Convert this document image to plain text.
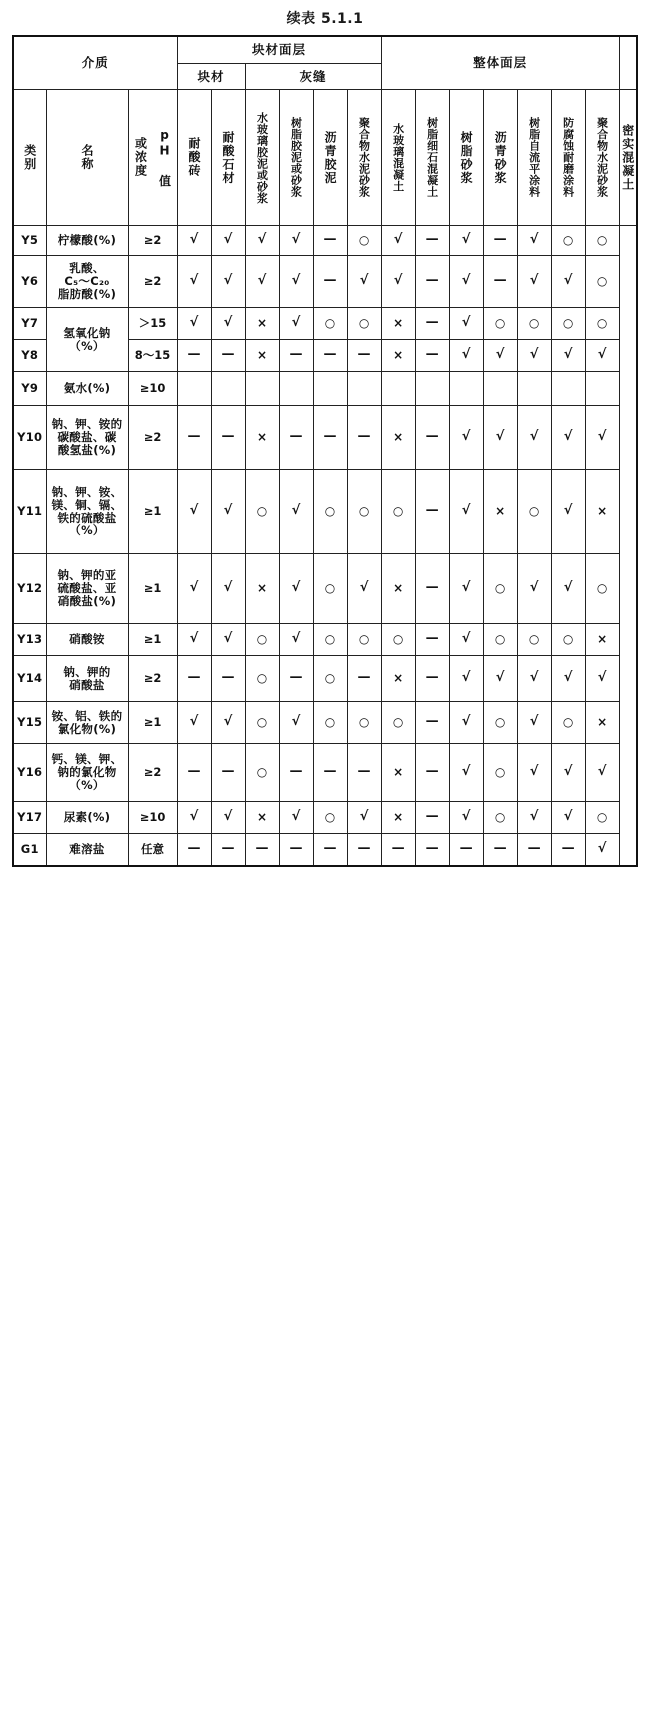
续表 5.1.1
介质			块材面层						整体面层							
			块材		灰缝											

类别	名称	或浓度 pH 值	耐酸砖	耐酸石材	水玻璃胶泥或砂浆	树脂胶泥或砂浆	沥青胶泥	聚合物水泥砂浆	水玻璃混凝土	树脂细石混凝土	树脂砂浆	沥青砂浆	树脂自流平涂料	防腐蚀耐磨涂料	聚合物水泥砂浆	密实混凝土

Y5	柠檬酸(%)	≥2	√	√	√	√	—	○	√	—	√	—	√	○	○	
Y6	乳酸、
C₅～C₂₀
脂肪酸(%)	≥2	√	√	√	√	—	√	√	—	√	—	√	√	○	
Y7	氢氧化钠
（%）	＞15	√	√	×	√	○	○	×	—	√	○	○	○	○	
Y8		8～15	—	—	×	—	—	—	×	—	√	√	√	√	√	
Y9	氨水(%)	≥10														
Y10	钠、钾、铵的
碳酸盐、碳
酸氢盐(%)	≥2	—	—	×	—	—	—	×	—	√	√	√	√	√	
Y11	钠、钾、铵、
镁、铜、镉、
铁的硫酸盐
（%）	≥1	√	√	○	√	○	○	○	—	√	×	○	√	×	
Y12	钠、钾的亚
硫酸盐、亚
硝酸盐(%)	≥1	√	√	×	√	○	√	×	—	√	○	√	√	○	
Y13	硝酸铵	≥1	√	√	○	√	○	○	○	—	√	○	○	○	×	
Y14	钠、钾的
硝酸盐	≥2	—	—	○	—	○	—	×	—	√	√	√	√	√	
Y15	铵、铝、铁的
氯化物(%)	≥1	√	√	○	√	○	○	○	—	√	○	√	○	×	
Y16	钙、镁、钾、
钠的氯化物
（%）	≥2	—	—	○	—	—	—	×	—	√	○	√	√	√	
Y17	尿素(%)	≥10	√	√	×	√	○	√	×	—	√	○	√	√	○	
G1	难溶盐	任意	—	—	—	—	—	—	—	—	—	—	—	—	√	
